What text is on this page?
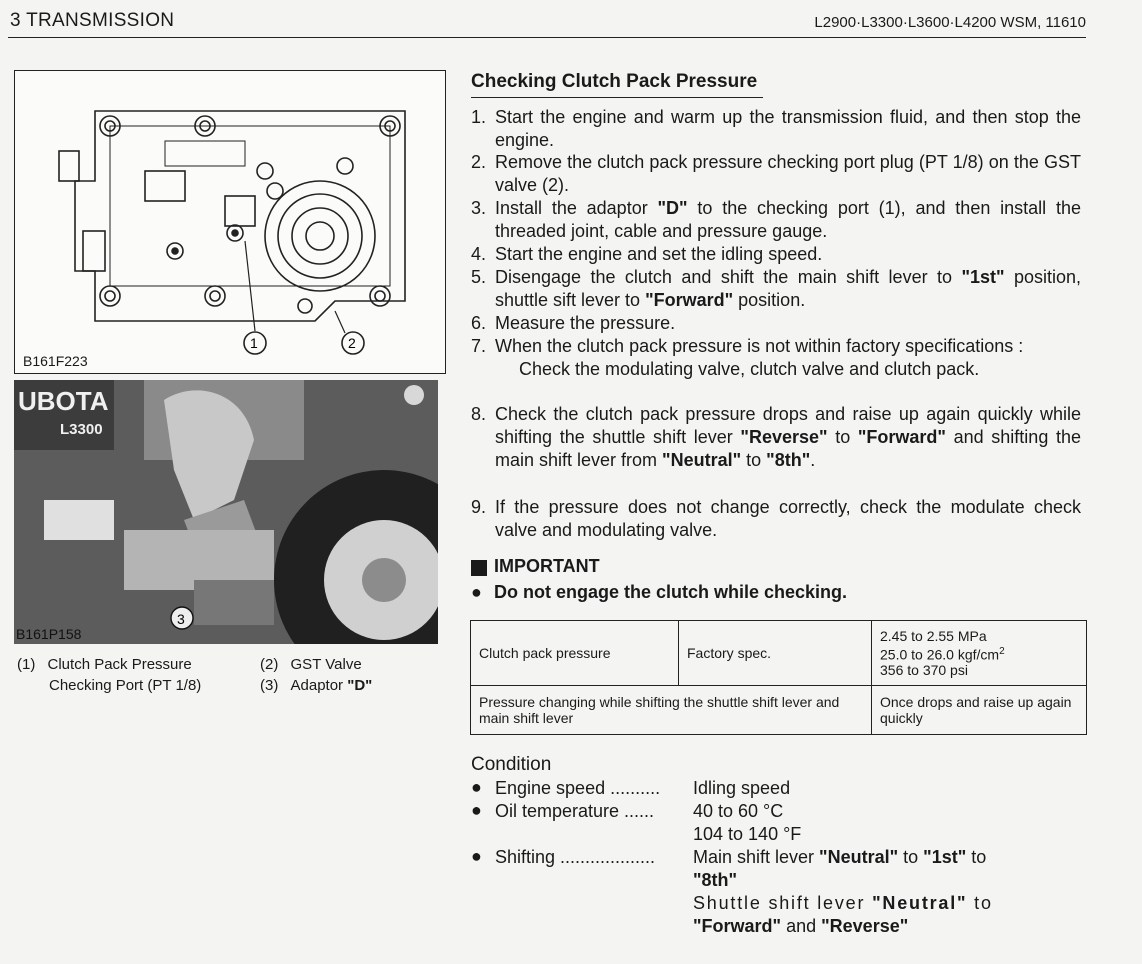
3 TRANSMISSION	L2900·L3300·L3600·L4200 WSM, 11610
1	2
B161F223
UBOTA
L3300
3
B161P158
(1) Clutch Pack Pressure
Checking Port (PT 1/8)
(2) GST Valve
(3) Adaptor "D"
Checking Clutch Pack Pressure
1. Start the engine and warm up the transmission fluid, and then stop the engine.
2. Remove the clutch pack pressure checking port plug (PT 1/8) on the GST valve (2).
3. Install the adaptor "D" to the checking port (1), and then install the threaded joint, cable and pressure gauge.
4. Start the engine and set the idling speed.
5. Disengage the clutch and shift the main shift lever to "1st" position, shuttle sift lever to "Forward" position.
6. Measure the pressure.
7. When the clutch pack pressure is not within factory specifications :
Check the modulating valve, clutch valve and clutch pack.
8. Check the clutch pack pressure drops and raise up again quickly while shifting the shuttle shift lever "Reverse" to "Forward" and shifting the main shift lever from "Neutral" to "8th".
9. If the pressure does not change correctly, check the modulate check valve and modulating valve.
IMPORTANT
● Do not engage the clutch while checking.
Clutch pack pressure	Factory spec.	2.45 to 2.55 MPa
25.0 to 26.0 kgf/$cm^2$
356 to 370 psi

Pressure changing while shifting the shuttle shift lever and main shift lever		Once drops and raise up again quickly
Condition
● Engine speed .......... Idling speed
● Oil temperature ...... 40 to 60 °C
104 to 140 °F
● Shifting ................... Main shift lever "Neutral" to "1st" to
"8th"
Shuttle shift lever "Neutral" to
"Forward" and "Reverse"
